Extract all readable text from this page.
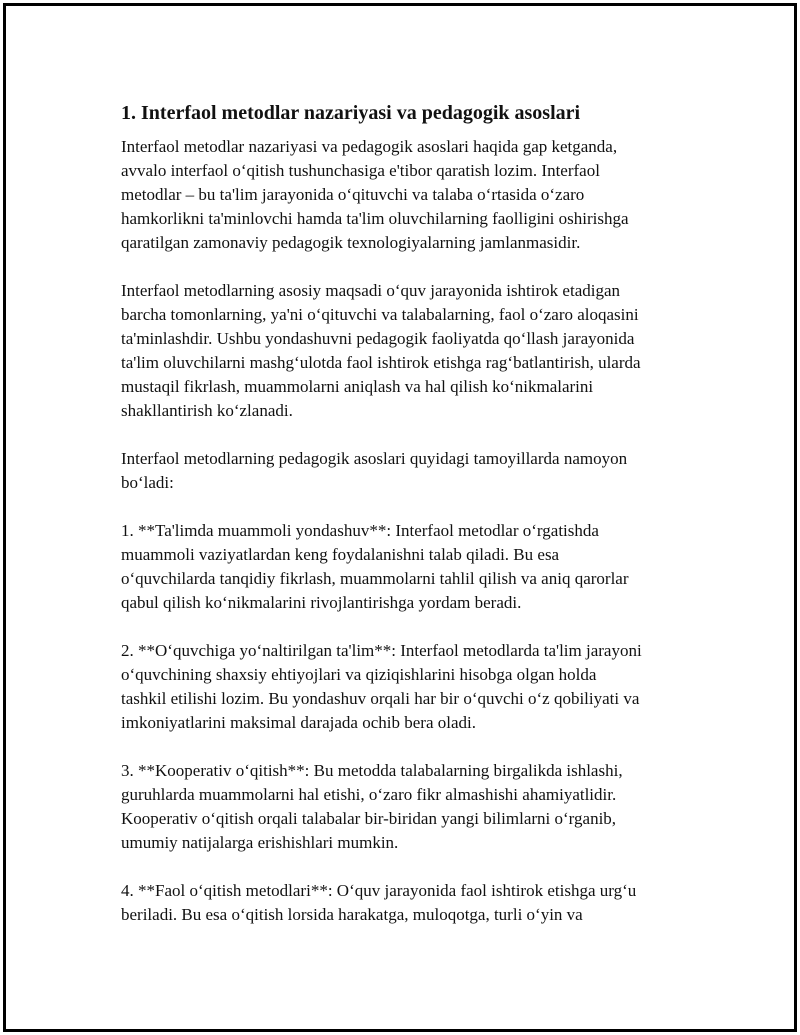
1. Interfaol metodlar nazariyasi va pedagogik asoslari

Interfaol metodlar nazariyasi va pedagogik asoslari haqida gap ketganda,
avvalo interfaol o‘qitish tushunchasiga e'tibor qaratish lozim. Interfaol
metodlar – bu ta'lim jarayonida o‘qituvchi va talaba o‘rtasida o‘zaro
hamkorlikni ta'minlovchi hamda ta'lim oluvchilarning faolligini oshirishga
qaratilgan zamonaviy pedagogik texnologiyalarning jamlanmasidir.

Interfaol metodlarning asosiy maqsadi o‘quv jarayonida ishtirok etadigan
barcha tomonlarning, ya'ni o‘qituvchi va talabalarning, faol o‘zaro aloqasini
ta'minlashdir. Ushbu yondashuvni pedagogik faoliyatda qo‘llash jarayonida
ta'lim oluvchilarni mashg‘ulotda faol ishtirok etishga rag‘batlantirish, ularda
mustaqil fikrlash, muammolarni aniqlash va hal qilish ko‘nikmalarini
shakllantirish ko‘zlanadi.

Interfaol metodlarning pedagogik asoslari quyidagi tamoyillarda namoyon
bo‘ladi:

1. **Ta'limda muammoli yondashuv**: Interfaol metodlar o‘rgatishda
muammoli vaziyatlardan keng foydalanishni talab qiladi. Bu esa
o‘quvchilarda tanqidiy fikrlash, muammolarni tahlil qilish va aniq qarorlar
qabul qilish ko‘nikmalarini rivojlantirishga yordam beradi.

2. **O‘quvchiga yo‘naltirilgan ta'lim**: Interfaol metodlarda ta'lim jarayoni
o‘quvchining shaxsiy ehtiyojlari va qiziqishlarini hisobga olgan holda
tashkil etilishi lozim. Bu yondashuv orqali har bir o‘quvchi o‘z qobiliyati va
imkoniyatlarini maksimal darajada ochib bera oladi.

3. **Kooperativ o‘qitish**: Bu metodda talabalarning birgalikda ishlashi,
guruhlarda muammolarni hal etishi, o‘zaro fikr almashishi ahamiyatlidir.
Kooperativ o‘qitish orqali talabalar bir-biridan yangi bilimlarni o‘rganib,
umumiy natijalarga erishishlari mumkin.

4. **Faol o‘qitish metodlari**: O‘quv jarayonida faol ishtirok etishga urg‘u
beriladi. Bu esa o‘qitish lorsida harakatga, muloqotga, turli o‘yin va
